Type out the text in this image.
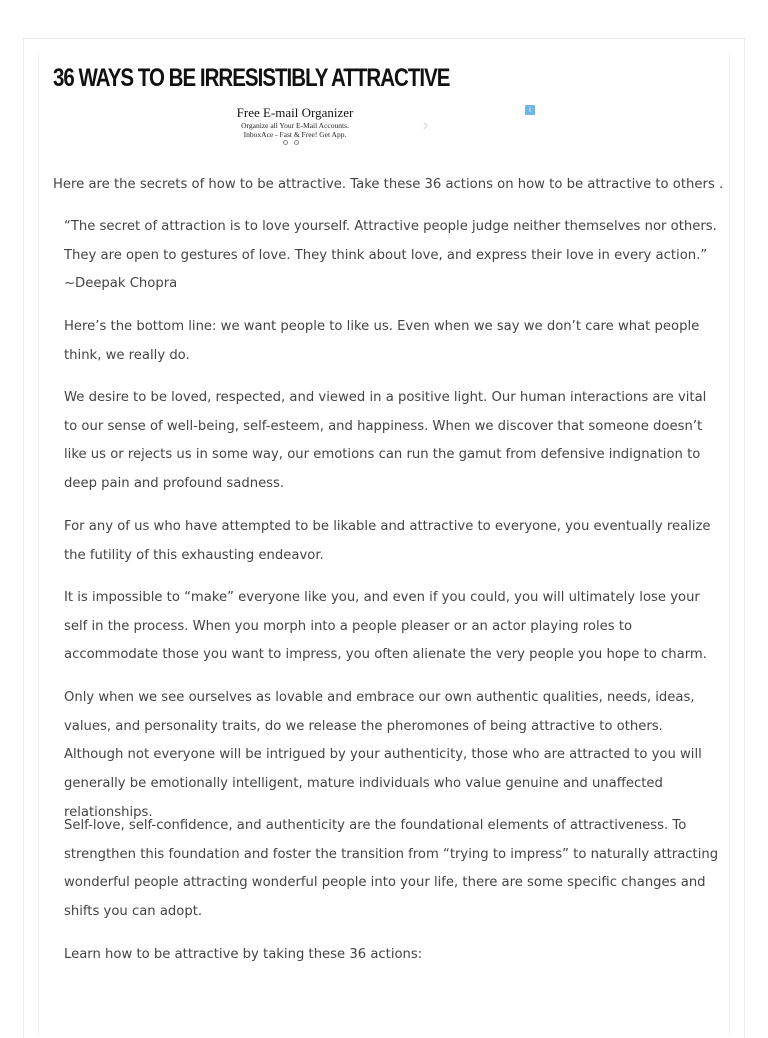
36 WAYS TO BE IRRESISTIBLY ATTRACTIVE
Free E-mail Organizer
Organize all Your E-Mail Accounts.
InboxAce - Fast & Free! Get App.	›
i

Here are the secrets of how to be attractive. Take these 36 actions on how to be attractive to others .

“The secret of attraction is to love yourself. Attractive people judge neither themselves nor others. They are open to gestures of love. They think about love, and express their love in every action.” ~Deepak Chopra

Here’s the bottom line: we want people to like us. Even when we say we don’t care what people think, we really do.

We desire to be loved, respected, and viewed in a positive light. Our human interactions are vital to our sense of well-being, self-esteem, and happiness. When we discover that someone doesn’t like us or rejects us in some way, our emotions can run the gamut from defensive indignation to deep pain and profound sadness.

For any of us who have attempted to be likable and attractive to everyone, you eventually realize the futility of this exhausting endeavor.

It is impossible to “make” everyone like you, and even if you could, you will ultimately lose your self in the process. When you morph into a people pleaser or an actor playing roles to accommodate those you want to impress, you often alienate the very people you hope to charm.

Only when we see ourselves as lovable and embrace our own authentic qualities, needs, ideas, values, and personality traits, do we release the pheromones of being attractive to others. Although not everyone will be intrigued by your authenticity, those who are attracted to you will generally be emotionally intelligent, mature individuals who value genuine and unaffected relationships.

Self-love, self-confidence, and authenticity are the foundational elements of attractiveness. To strengthen this foundation and foster the transition from “trying to impress” to naturally attracting wonderful people attracting wonderful people into your life, there are some specific changes and shifts you can adopt.

Learn how to be attractive by taking these 36 actions:
